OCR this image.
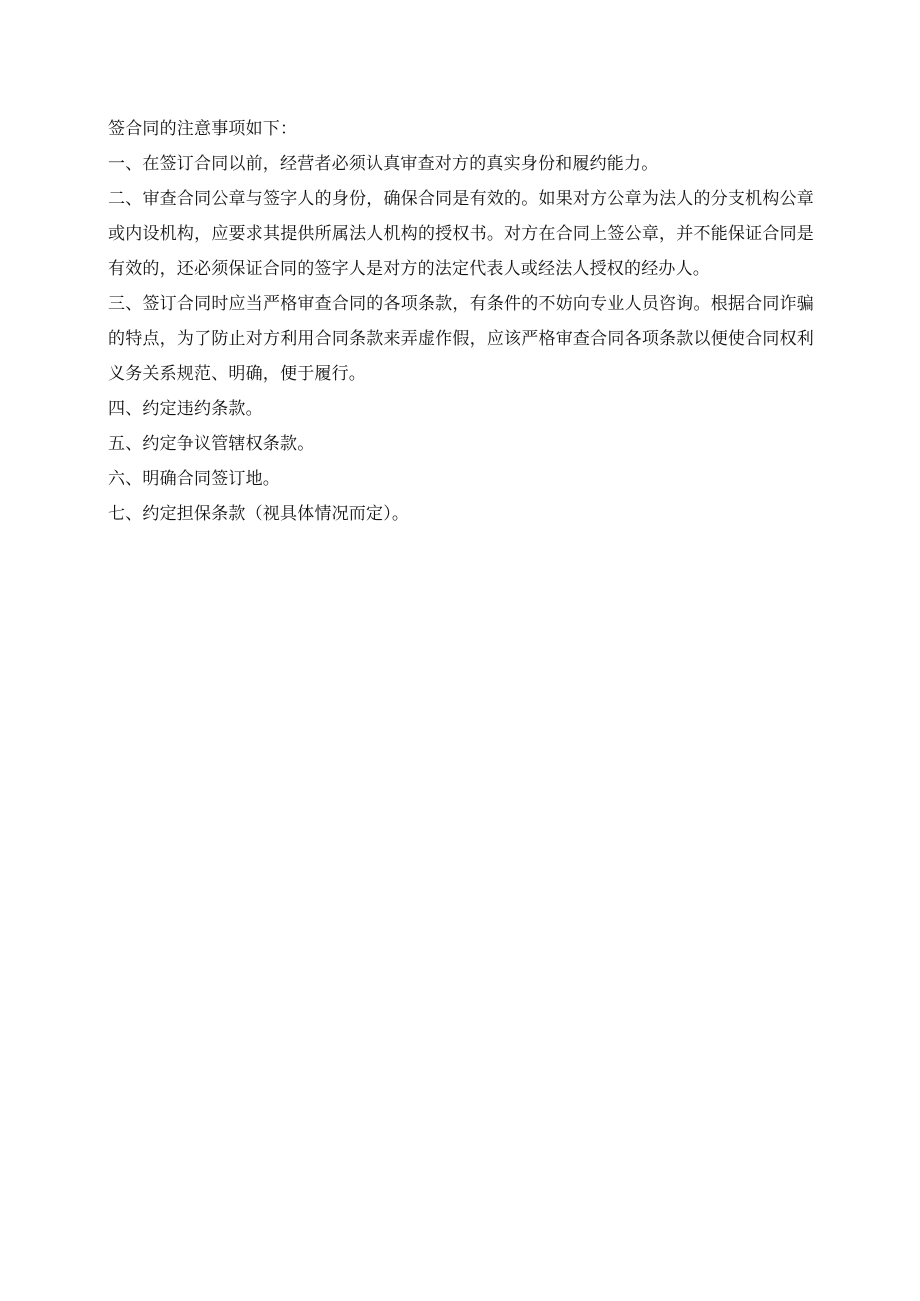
签合同的注意事项如下：

一、在签订合同以前，经营者必须认真审查对方的真实身份和履约能力。

二、审查合同公章与签字人的身份，确保合同是有效的。如果对方公章为法人的分支机构公章或内设机构，应要求其提供所属法人机构的授权书。对方在合同上签公章，并不能保证合同是有效的，还必须保证合同的签字人是对方的法定代表人或经法人授权的经办人。

三、签订合同时应当严格审查合同的各项条款，有条件的不妨向专业人员咨询。根据合同诈骗的特点，为了防止对方利用合同条款来弄虚作假，应该严格审查合同各项条款以便使合同权利义务关系规范、明确，便于履行。

四、约定违约条款。

五、约定争议管辖权条款。

六、明确合同签订地。

七、约定担保条款（视具体情况而定）。
